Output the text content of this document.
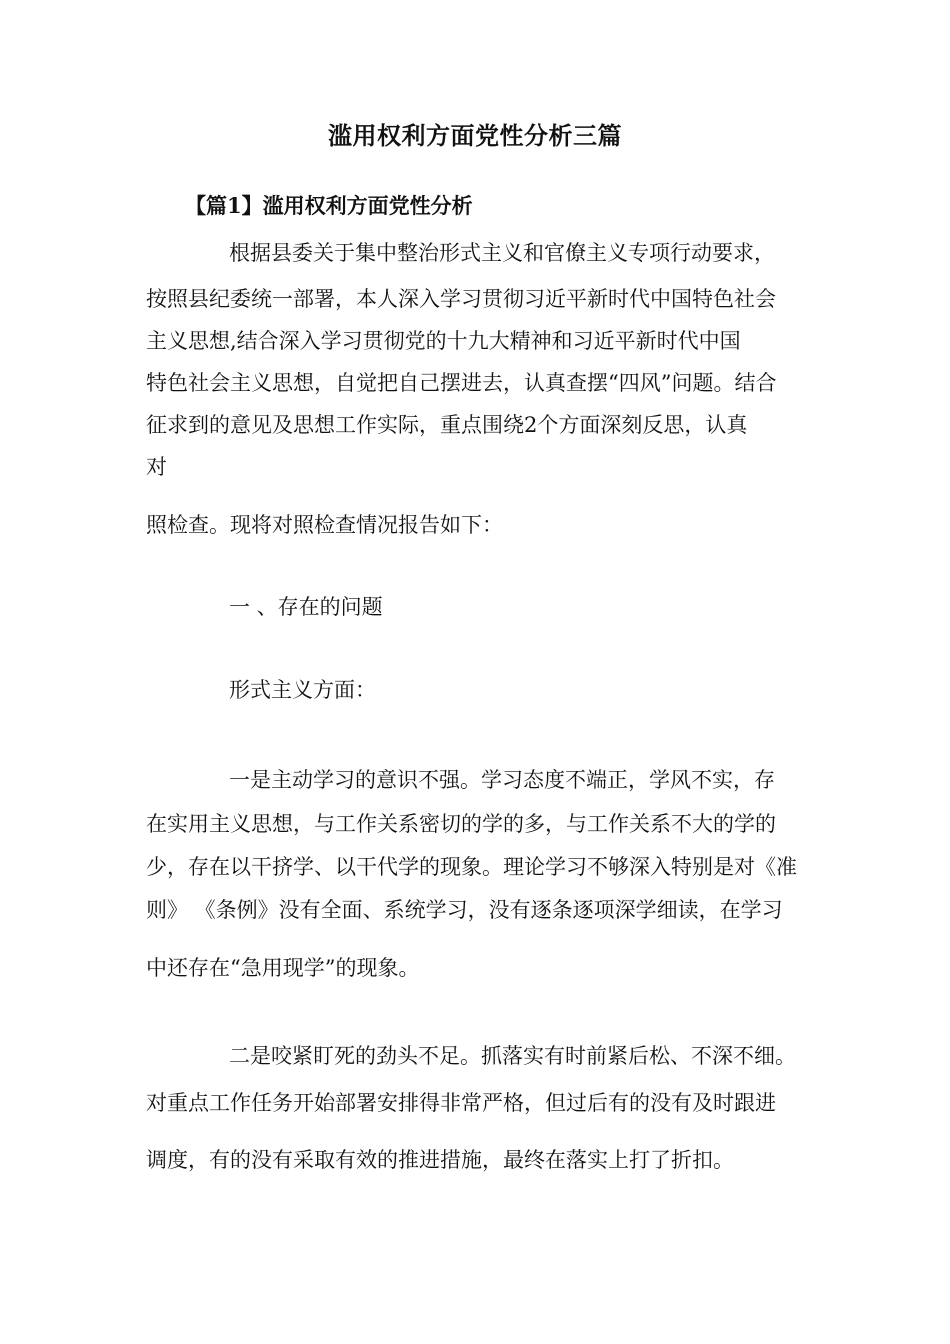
滥用权利方面党性分析三篇
【篇1】滥用权利方面党性分析
根据县委关于集中整治形式主义和官僚主义专项行动要求，
按照县纪委统一部署，本人深入学习贯彻习近平新时代中国特色社会
主义思想,结合深入学习贯彻党的十九大精神和习近平新时代中国
特色社会主义思想，自觉把自己摆进去，认真查摆“四风”问题。结合
征求到的意见及思想工作实际，重点围绕2个方面深刻反思，认真
对
照检查。现将对照检查情况报告如下：
一 、存在的问题
形式主义方面：
一是主动学习的意识不强。学习态度不端正，学风不实，存
在实用主义思想，与工作关系密切的学的多，与工作关系不大的学的
少，存在以干挤学、以干代学的现象。理论学习不够深入特别是对《准
则》 《条例》没有全面、系统学习，没有逐条逐项深学细读，在学习
中还存在“急用现学”的现象。
二是咬紧盯死的劲头不足。抓落实有时前紧后松、不深不细。
对重点工作任务开始部署安排得非常严格，但过后有的没有及时跟进
调度，有的没有采取有效的推进措施，最终在落实上打了折扣。
